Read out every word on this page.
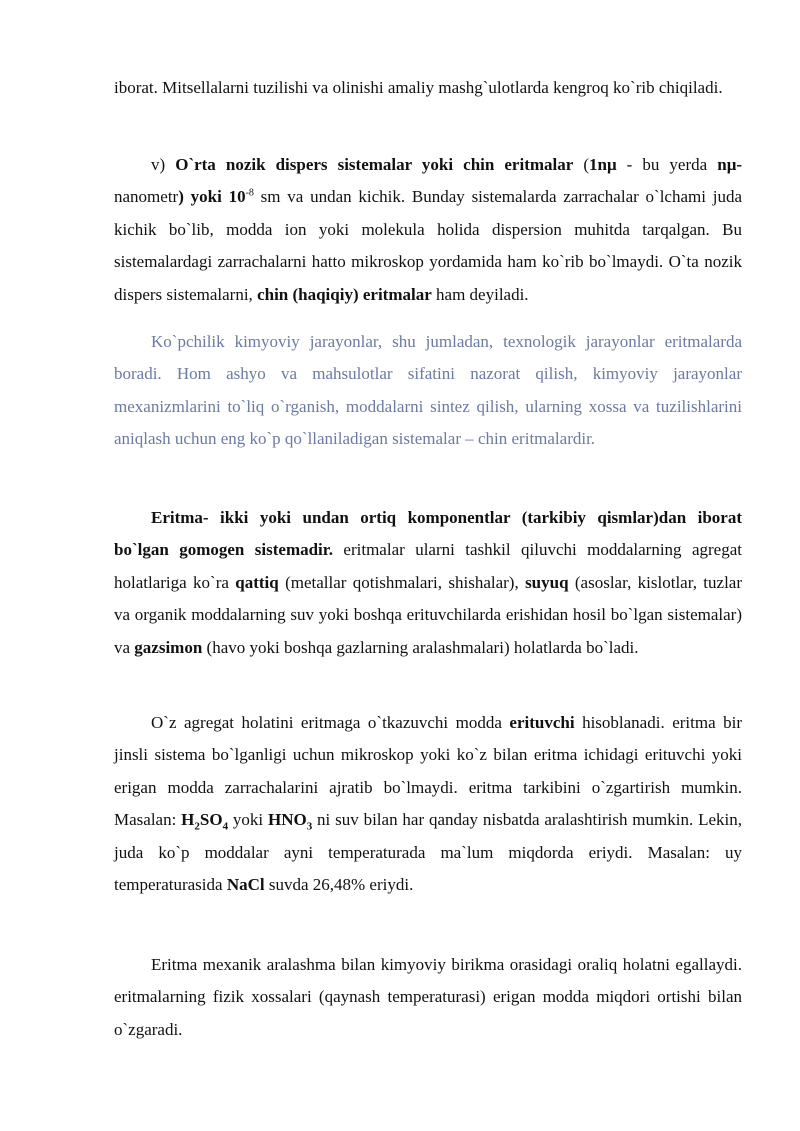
iborat. Mitsellalarni tuzilishi va olinishi amaliy mashg`ulotlarda kengroq ko`rib chiqiladi.

v) O`rta nozik dispers sistemalar yoki chin eritmalar (1nμ - bu yerda nμ-nanometr) yoki $10^{-8}$ sm va undan kichik. Bunday sistemalarda zarrachalar o`lchami juda kichik bo`lib, modda ion yoki molekula holida dispersion muhitda tarqalgan. Bu sistemalardagi zarrachalarni hatto mikroskop yordamida ham ko`rib bo`lmaydi. O`ta nozik dispers sistemalarni, chin (haqiqiy) eritmalar ham deyiladi.

Ko`pchilik kimyoviy jarayonlar, shu jumladan, texnologik jarayonlar eritmalarda boradi. Hom ashyo va mahsulotlar sifatini nazorat qilish, kimyoviy jarayonlar mexanizmlarini to`liq o`rganish, moddalarni sintez qilish, ularning xossa va tuzilishlarini aniqlash uchun eng ko`p qo`llaniladigan sistemalar – chin eritmalardir.

Eritma- ikki yoki undan ortiq komponentlar (tarkibiy qismlar)dan iborat bo`lgan gomogen sistemadir. eritmalar ularni tashkil qiluvchi moddalarning agregat holatlariga ko`ra qattiq (metallar qotishmalari, shishalar), suyuq (asoslar, kislotlar, tuzlar va organik moddalarning suv yoki boshqa erituvchilarda erishidan hosil bo`lgan sistemalar) va gazsimon (havo yoki boshqa gazlarning aralashmalari) holatlarda bo`ladi.

O`z agregat holatini eritmaga o`tkazuvchi modda erituvchi hisoblanadi. eritma bir jinsli sistema bo`lganligi uchun mikroskop yoki ko`z bilan eritma ichidagi erituvchi yoki erigan modda zarrachalarini ajratib bo`lmaydi. eritma tarkibini o`zgartirish mumkin. Masalan: $H_2SO_4$ yoki $HNO_3$ ni suv bilan har qanday nisbatda aralashtirish mumkin. Lekin, juda ko`p moddalar ayni temperaturada ma`lum miqdorda eriydi. Masalan: uy temperaturasida NaCl suvda 26,48% eriydi.

Eritma mexanik aralashma bilan kimyoviy birikma orasidagi oraliq holatni egallaydi. eritmalarning fizik xossalari (qaynash temperaturasi) erigan modda miqdori ortishi bilan o`zgaradi.
